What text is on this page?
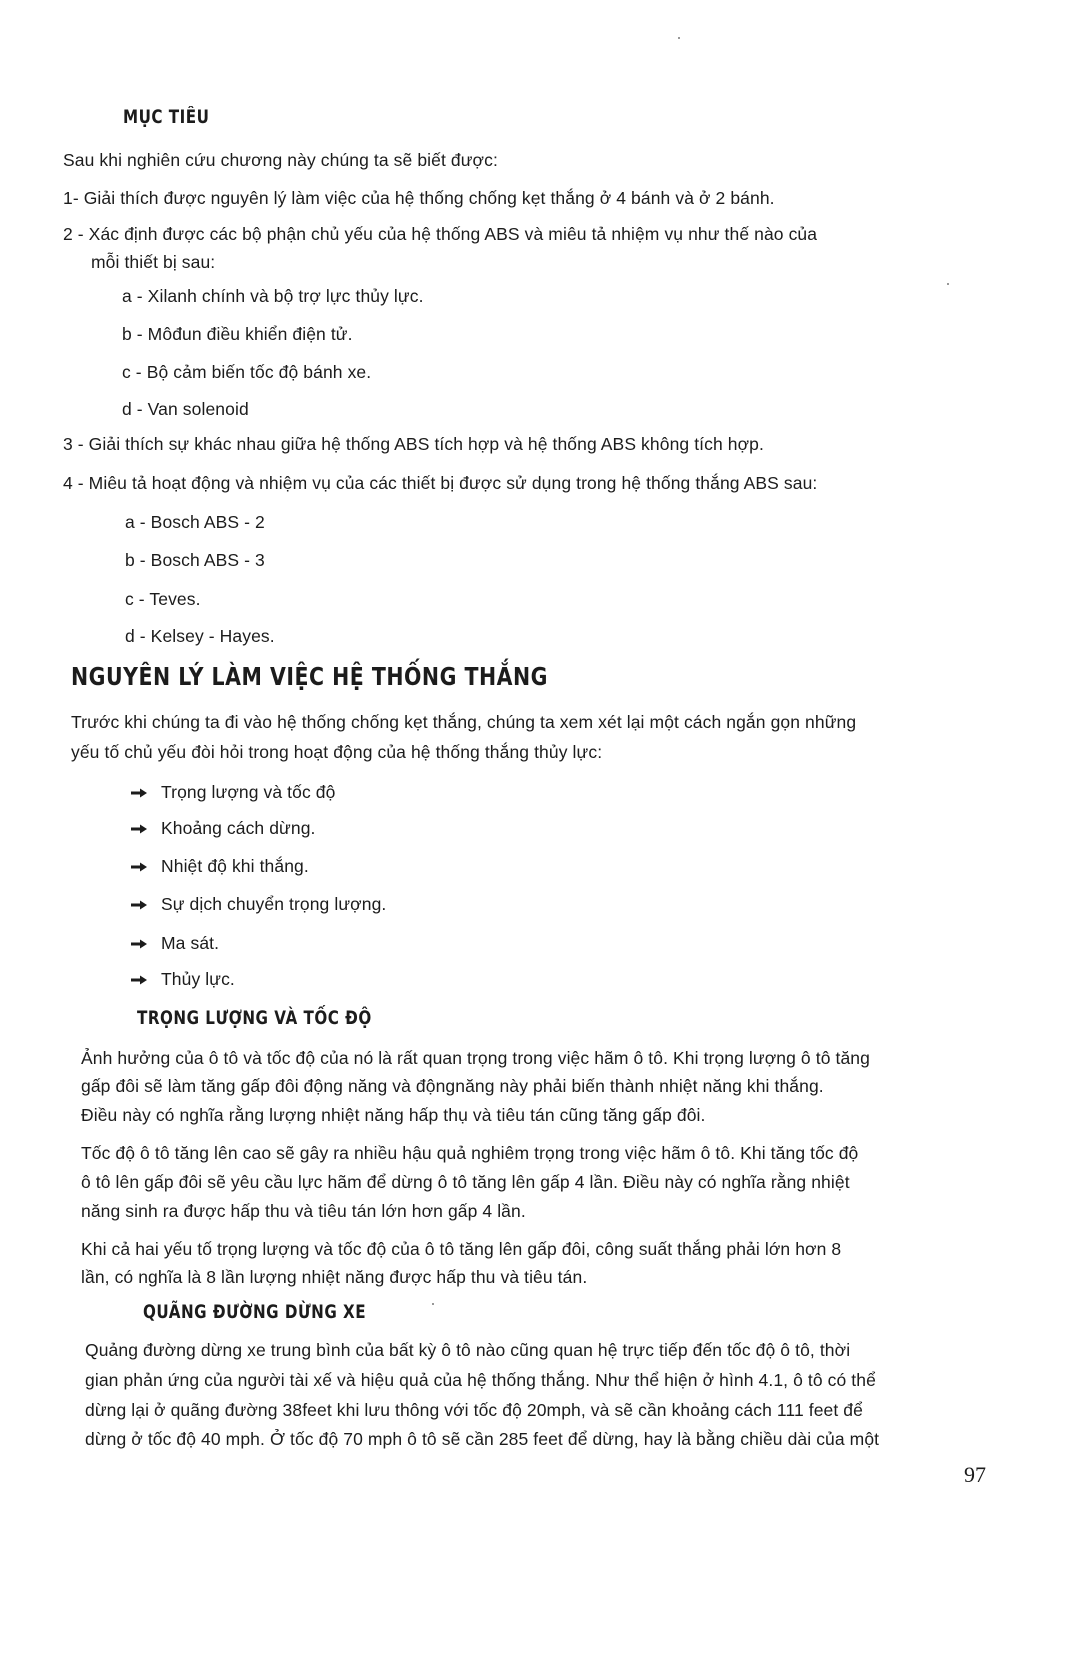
MỤC TIÊU
Sau khi nghiên cứu chương này chúng ta sẽ biết được:
1- Giải thích được nguyên lý làm việc của hệ thống chống kẹt thắng ở 4 bánh và ở 2 bánh.
2 - Xác định được các bộ phận chủ yếu của hệ thống ABS và miêu tả nhiệm vụ như thế nào của
mỗi thiết bị sau:
a - Xilanh chính và bộ trợ lực thủy lực.
b - Môđun điều khiển điện tử.
c - Bộ cảm biến tốc độ bánh xe.
d - Van solenoid
3 - Giải thích sự khác nhau giữa hệ thống ABS tích hợp và hệ thống ABS không tích hợp.
4 - Miêu tả hoạt động và nhiệm vụ của các thiết bị được sử dụng trong hệ thống thắng ABS sau:
a - Bosch ABS - 2
b - Bosch ABS - 3
c - Teves.
d - Kelsey - Hayes.
NGUYÊN LÝ LÀM VIỆC HỆ THỐNG THẮNG
Trước khi chúng ta đi vào hệ thống chống kẹt thắng, chúng ta xem xét lại một cách ngắn gọn những
yếu tố chủ yếu đòi hỏi trong hoạt động của hệ thống thắng thủy lực:
Trọng lượng và tốc độ
Khoảng cách dừng.
Nhiệt độ khi thắng.
Sự dịch chuyển trọng lượng.
Ma sát.
Thủy lực.
TRỌNG LƯỢNG VÀ TỐC ĐỘ
Ảnh hưởng của ô tô và tốc độ của nó là rất quan trọng trong việc hãm ô tô. Khi trọng lượng ô tô tăng
gấp đôi sẽ làm tăng gấp đôi động năng và độngnăng này phải biến thành nhiệt năng khi thắng.
Điều này có nghĩa rằng lượng nhiệt năng hấp thụ và tiêu tán cũng tăng gấp đôi.
Tốc độ ô tô tăng lên cao sẽ gây ra nhiều hậu quả nghiêm trọng trong việc hãm ô tô. Khi tăng tốc độ
ô tô lên gấp đôi sẽ yêu cầu lực hãm để dừng ô tô tăng lên gấp 4 lần. Điều này có nghĩa rằng nhiệt
năng sinh ra được hấp thu và tiêu tán lớn hơn gấp 4 lần.
Khi cả hai yếu tố trọng lượng và tốc độ của ô tô tăng lên gấp đôi, công suất thắng phải lớn hơn 8
lần, có nghĩa là 8 lần lượng nhiệt năng được hấp thu và tiêu tán.
QUÃNG ĐƯỜNG DỪNG XE
Quảng đường dừng xe trung bình của bất kỳ ô tô nào cũng quan hệ trực tiếp đến tốc độ ô tô, thời
gian phản ứng của người tài xế và hiệu quả của hệ thống thắng. Như thể hiện ở hình 4.1, ô tô có thể
dừng lại ở quãng đường 38feet khi lưu thông với tốc độ 20mph, và sẽ cần khoảng cách 111 feet để
dừng ở tốc độ 40 mph. Ở tốc độ 70 mph ô tô sẽ cần 285 feet để dừng, hay là bằng chiều dài của một
97
